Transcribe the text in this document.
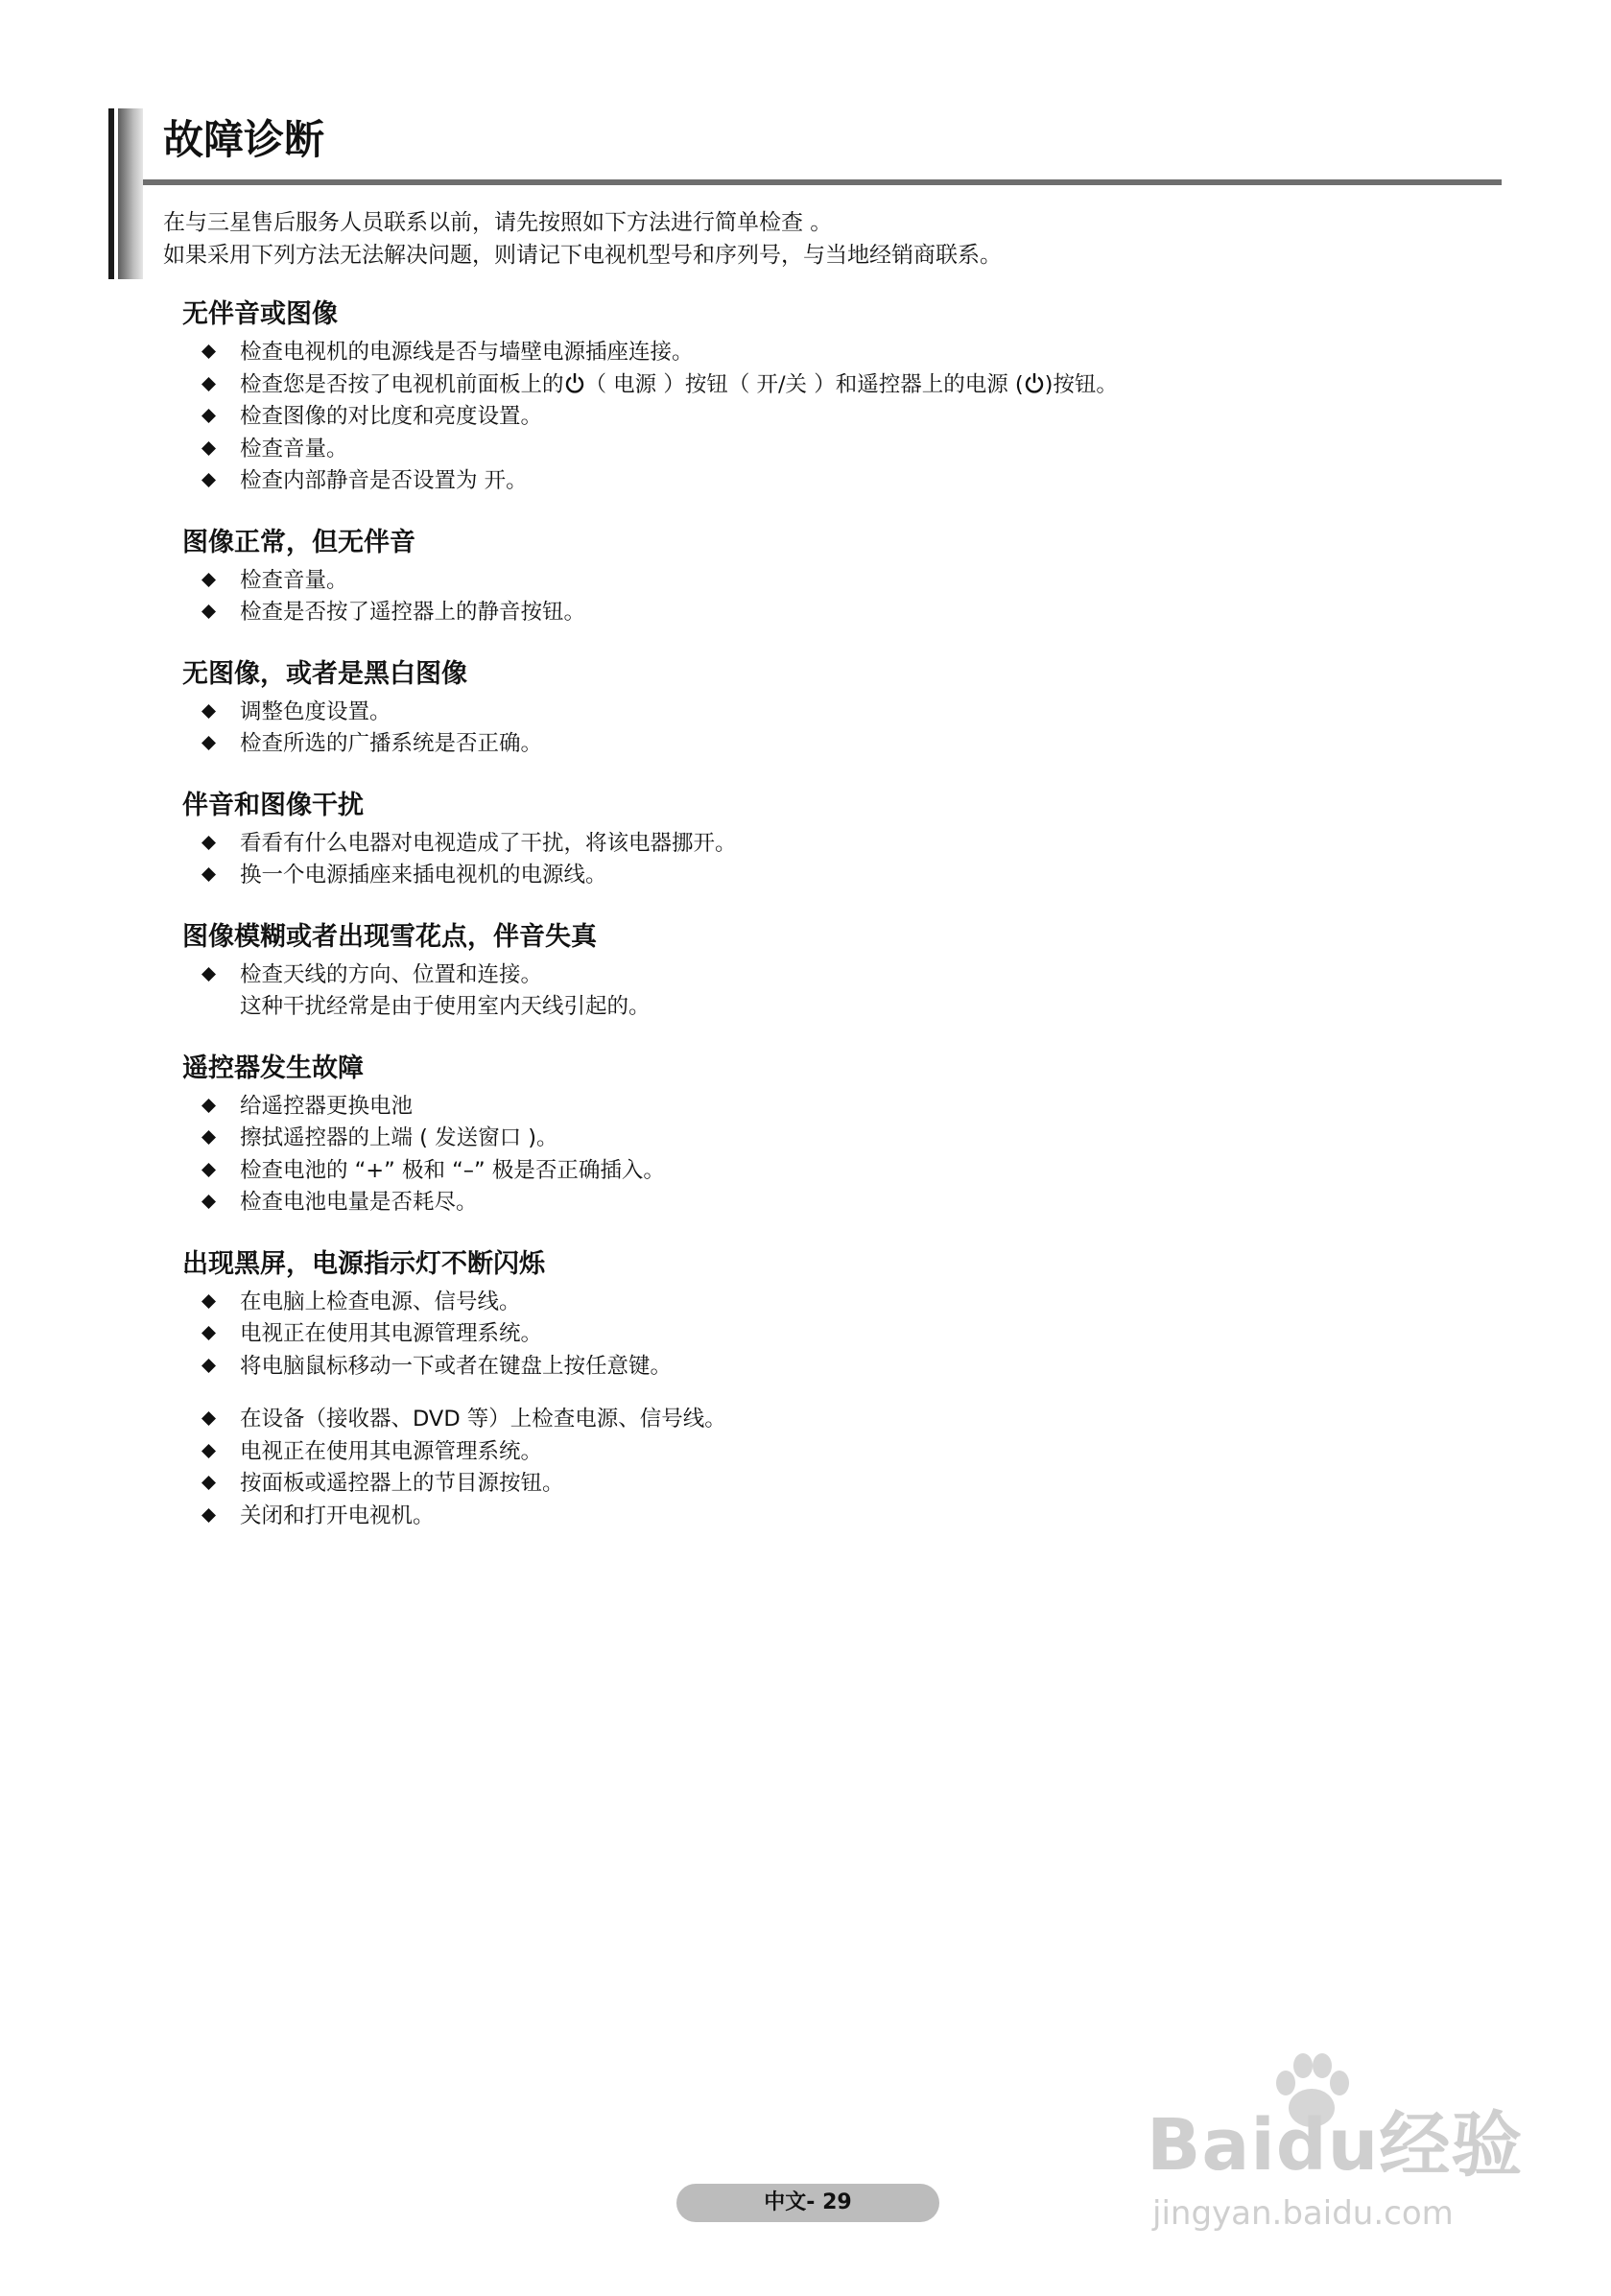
故障诊断
在与三星售后服务人员联系以前，请先按照如下方法进行简单检查 。
如果采用下列方法无法解决问题，则请记下电视机型号和序列号，与当地经销商联系。
无伴音或图像
检查电视机的电源线是否与墙壁电源插座连接。
检查您是否按了电视机前面板上的 （ 电源 ）按钮（ 开/关 ）和遥控器上的电源 ( )按钮。
检查图像的对比度和亮度设置。
检查音量。
检查内部静音是否设置为 开。
图像正常，但无伴音
检查音量。
检查是否按了遥控器上的静音按钮。
无图像，或者是黑白图像
调整色度设置。
检查所选的广播系统是否正确。
伴音和图像干扰
看看有什么电器对电视造成了干扰，将该电器挪开。
换一个电源插座来插电视机的电源线。
图像模糊或者出现雪花点，伴音失真
检查天线的方向、位置和连接。
这种干扰经常是由于使用室内天线引起的。
遥控器发生故障
给遥控器更换电池
擦拭遥控器的上端 ( 发送窗口 )。
检查电池的 “+” 极和 “–” 极是否正确插入。
检查电池电量是否耗尽。
出现黑屏，电源指示灯不断闪烁
在电脑上检查电源、信号线。
电视正在使用其电源管理系统。
将电脑鼠标移动一下或者在键盘上按任意键。
在设备（接收器、DVD 等）上检查电源、信号线。
电视正在使用其电源管理系统。
按面板或遥控器上的节目源按钮。
关闭和打开电视机。
中文- 29
Baidu经验
jingyan.baidu.com
